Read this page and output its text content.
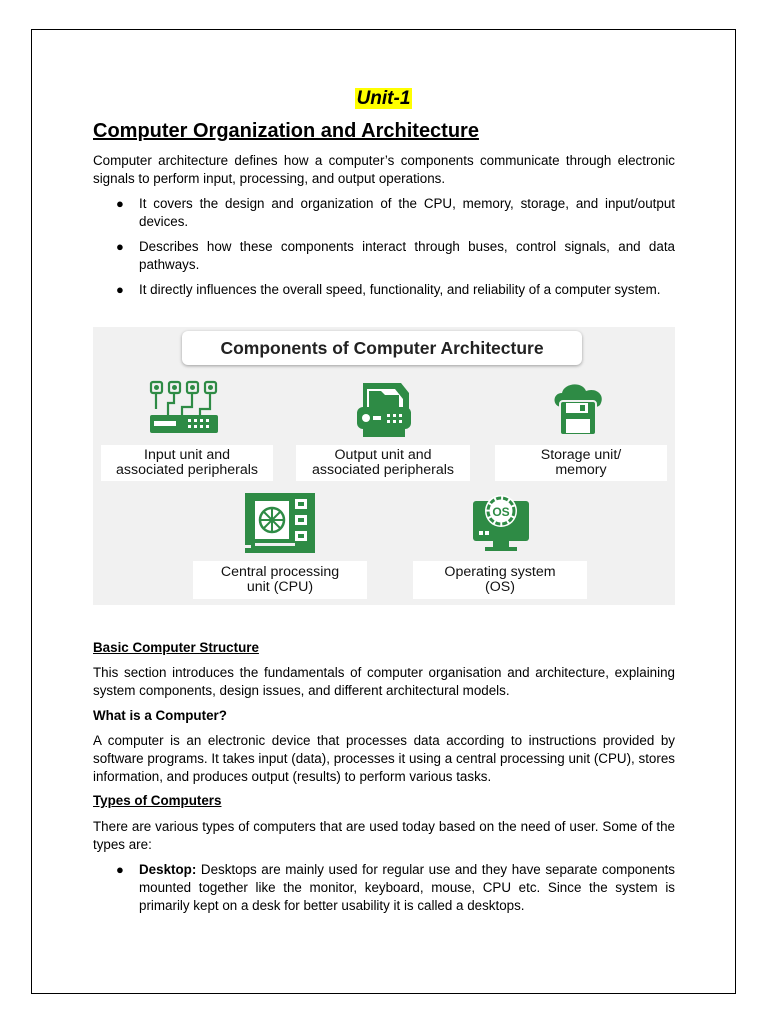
Unit-1
Computer Organization and Architecture

Computer architecture defines how a computer’s components communicate through electronic signals to perform input, processing, and output operations.

● It covers the design and organization of the CPU, memory, storage, and input/output devices.

● Describes how these components interact through buses, control signals, and data pathways.

● It directly influences the overall speed, functionality, and reliability of a computer system.

Components of Computer Architecture
Input unit and
associated peripherals
Output unit and
associated peripherals
Storage unit/
memory
OS
Central processing
unit (CPU)
Operating system
(OS)
Basic Computer Structure

This section introduces the fundamentals of computer organisation and architecture, explaining system components, design issues, and different architectural models.

What is a Computer?

A computer is an electronic device that processes data according to instructions provided by software programs. It takes input (data), processes it using a central processing unit (CPU), stores information, and produces output (results) to perform various tasks.

Types of Computers

There are various types of computers that are used today based on the need of user. Some of the types are:

● Desktop: Desktops are mainly used for regular use and they have separate components mounted together like the monitor, keyboard, mouse, CPU etc. Since the system is primarily kept on a desk for better usability it is called a desktops.
